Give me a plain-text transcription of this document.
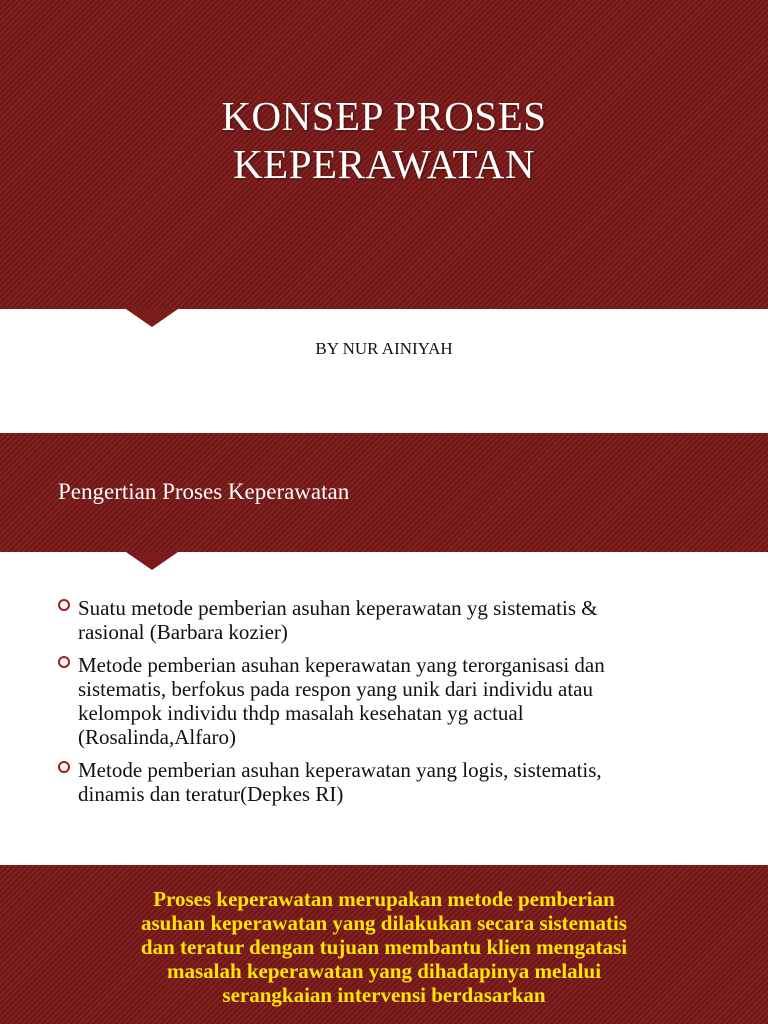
KONSEP PROSES
KEPERAWATAN
BY NUR AINIYAH
Pengertian Proses Keperawatan
Suatu metode pemberian asuhan keperawatan yg sistematis & rasional (Barbara kozier)
Metode pemberian asuhan keperawatan yang terorganisasi dan sistematis, berfokus pada respon yang unik dari individu atau kelompok individu thdp masalah kesehatan yg actual (Rosalinda,Alfaro)
Metode pemberian asuhan keperawatan yang logis, sistematis, dinamis dan teratur(Depkes RI)
Proses keperawatan merupakan metode pemberian asuhan keperawatan yang dilakukan secara sistematis dan teratur dengan tujuan membantu klien mengatasi masalah keperawatan yang dihadapinya melalui serangkaian intervensi berdasarkan
